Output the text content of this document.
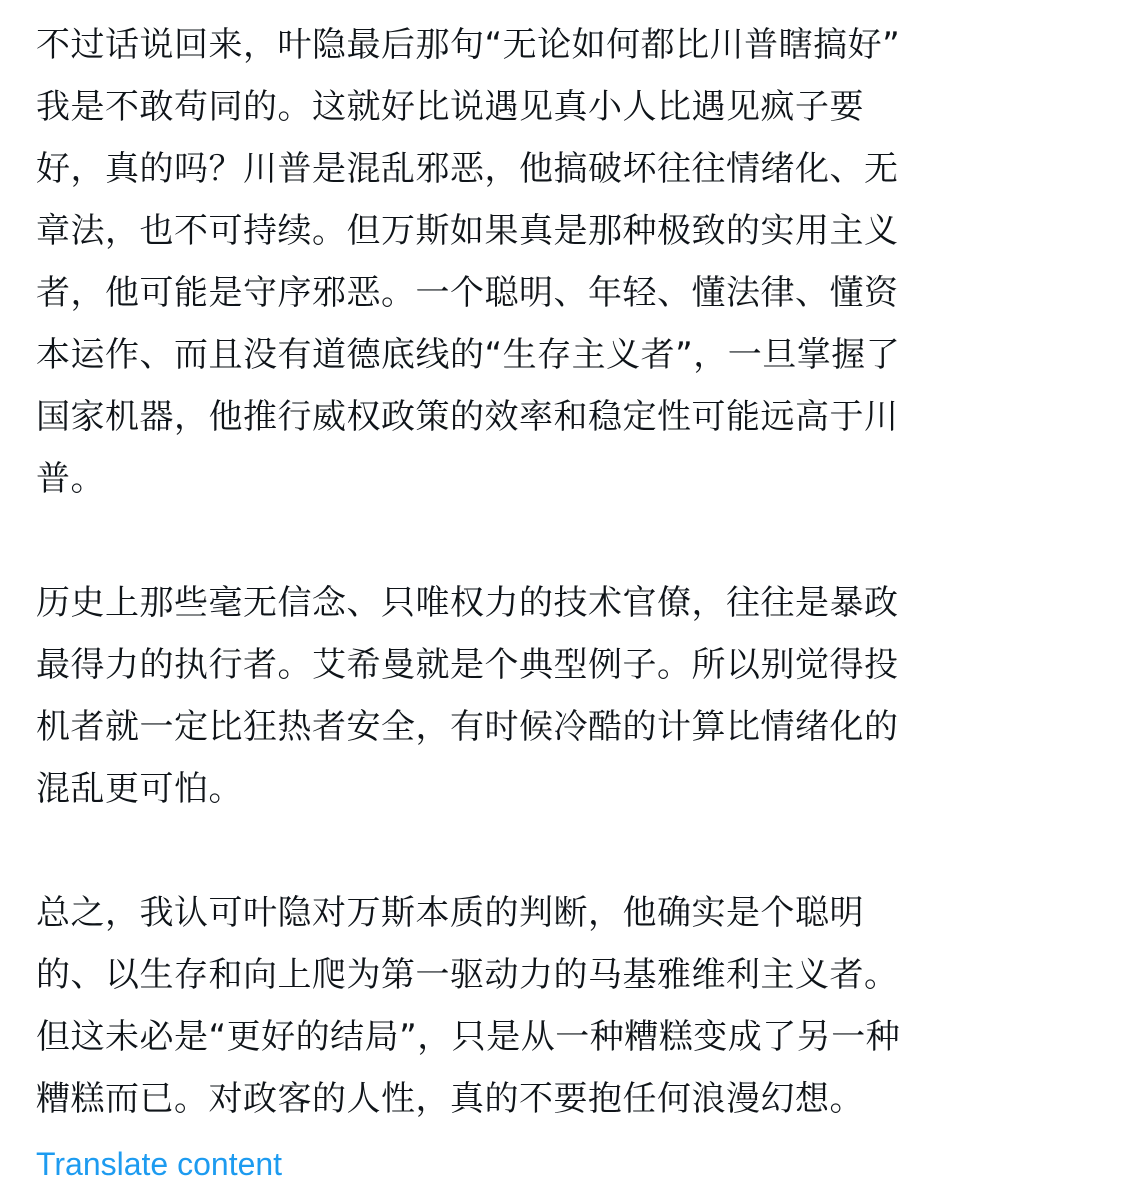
不过话说回来，叶隐最后那句“无论如何都比川普瞎搞好”
我是不敢苟同的。这就好比说遇见真小人比遇见疯子要
好，真的吗？川普是混乱邪恶，他搞破坏往往情绪化、无
章法，也不可持续。但万斯如果真是那种极致的实用主义
者，他可能是守序邪恶。一个聪明、年轻、懂法律、懂资
本运作、而且没有道德底线的“生存主义者”，一旦掌握了
国家机器，他推行威权政策的效率和稳定性可能远高于川
普。

历史上那些毫无信念、只唯权力的技术官僚，往往是暴政
最得力的执行者。艾希曼就是个典型例子。所以别觉得投
机者就一定比狂热者安全，有时候冷酷的计算比情绪化的
混乱更可怕。

总之，我认可叶隐对万斯本质的判断，他确实是个聪明
的、以生存和向上爬为第一驱动力的马基雅维利主义者。
但这未必是“更好的结局”，只是从一种糟糕变成了另一种
糟糕而已。对政客的人性，真的不要抱任何浪漫幻想。

Translate content
